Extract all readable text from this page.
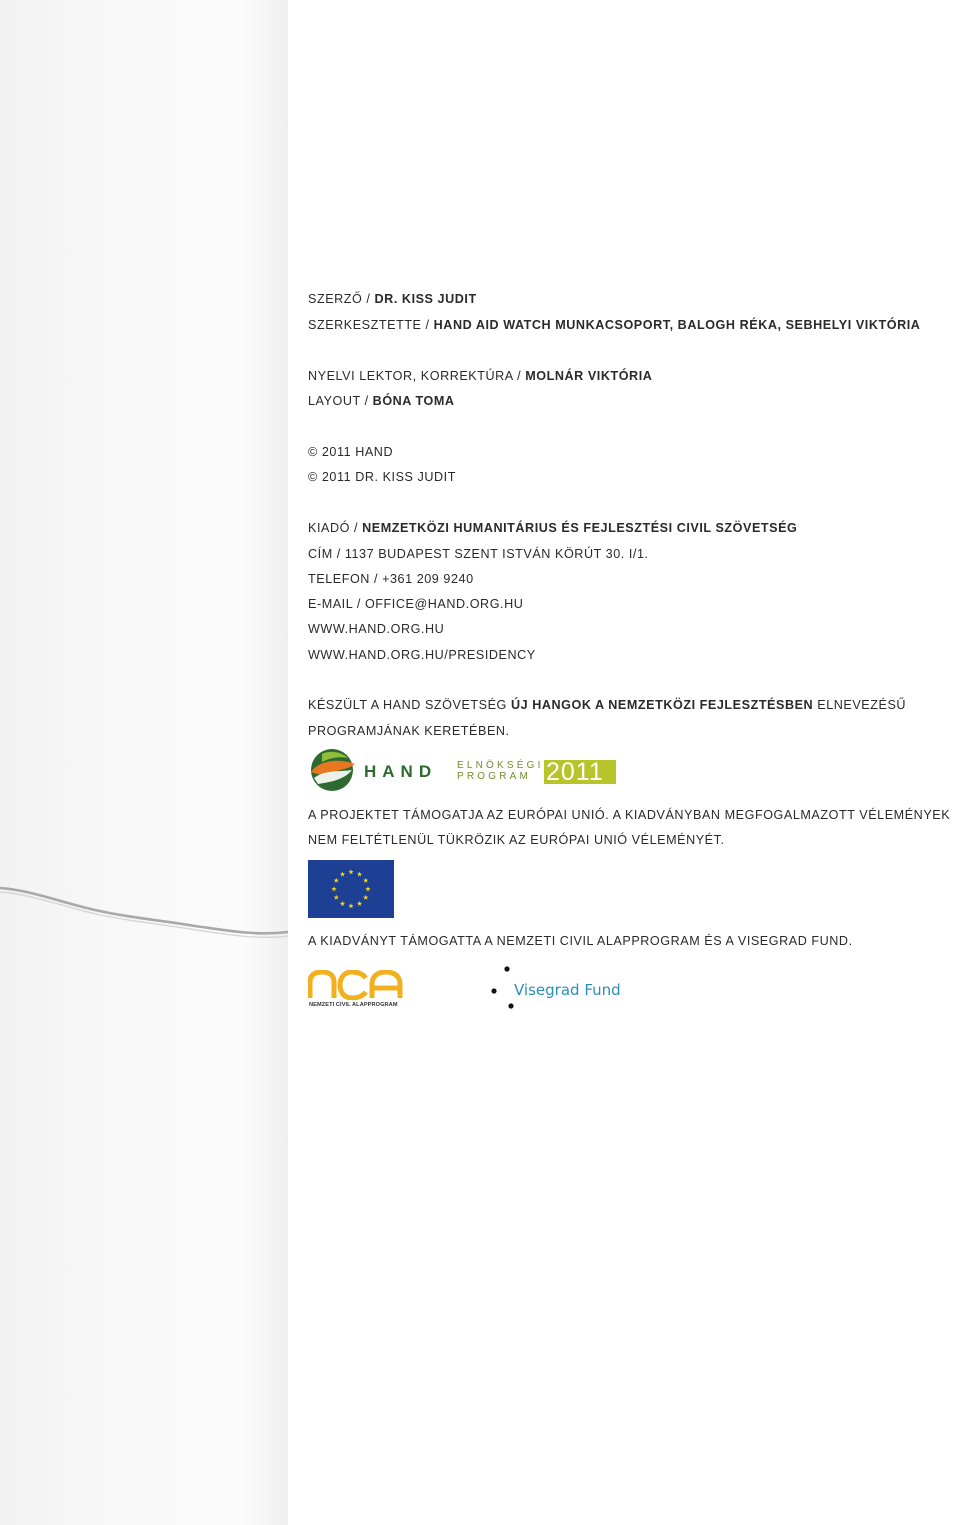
SZERZŐ / DR. KISS JUDIT
SZERKESZTETTE / HAND AID WATCH MUNKACSOPORT, BALOGH RÉKA, SEBHELYI VIKTÓRIA
NYELVI LEKTOR, KORREKTÚRA / MOLNÁR VIKTÓRIA
LAYOUT / BÓNA TOMA
© 2011 HAND
© 2011 DR. KISS JUDIT
KIADÓ / NEMZETKÖZI HUMANITÁRIUS ÉS FEJLESZTÉSI CIVIL SZÖVETSÉG
CÍM / 1137 BUDAPEST SZENT ISTVÁN KÖRÚT 30. I/1.
TELEFON / +361 209 9240
E-MAIL / OFFICE@HAND.ORG.HU
WWW.HAND.ORG.HU
WWW.HAND.ORG.HU/PRESIDENCY
KÉSZÜLT A HAND SZÖVETSÉG ÚJ HANGOK A NEMZETKÖZI FEJLESZTÉSBEN ELNEVEZÉSŰ
PROGRAMJÁNAK KERETÉBEN.
HAND ELNÖKSÉGI
PROGRAM 2011
A PROJEKTET TÁMOGATJA AZ EURÓPAI UNIÓ. A KIADVÁNYBAN MEGFOGALMAZOTT VÉLEMÉNYEK
NEM FELTÉTLENÜL TÜKRÖZIK AZ EURÓPAI UNIÓ VÉLEMÉNYÉT.
A KIADVÁNYT TÁMOGATTA A NEMZETI CIVIL ALAPPROGRAM ÉS A VISEGRAD FUND.
NEMZETI CIVIL ALAPPROGRAM
Visegrad Fund
